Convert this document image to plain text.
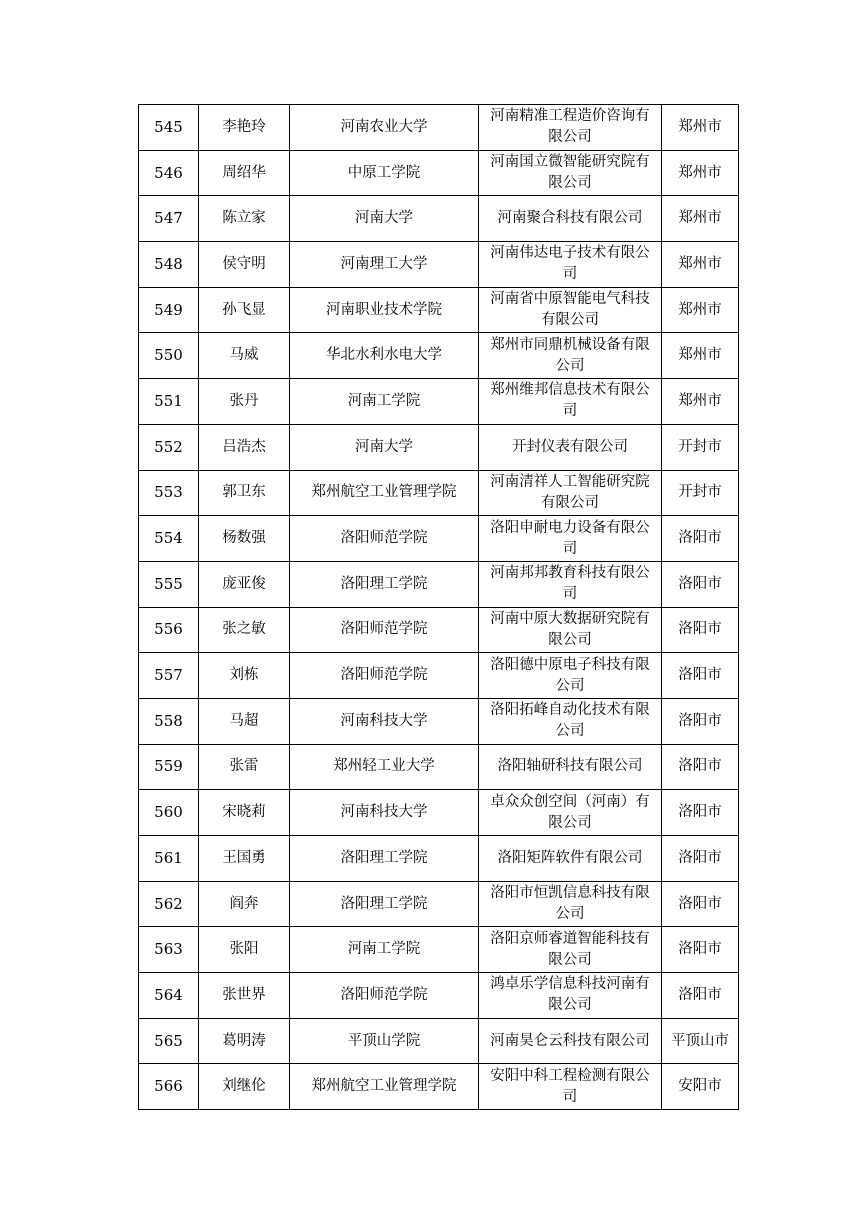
545	李艳玲	河南农业大学	河南精准工程造价咨询有限公司	郑州市
546	周绍华	中原工学院	河南国立微智能研究院有限公司	郑州市
547	陈立家	河南大学	河南聚合科技有限公司	郑州市
548	侯守明	河南理工大学	河南伟达电子技术有限公司	郑州市
549	孙飞显	河南职业技术学院	河南省中原智能电气科技有限公司	郑州市
550	马威	华北水利水电大学	郑州市同鼎机械设备有限公司	郑州市
551	张丹	河南工学院	郑州维邦信息技术有限公司	郑州市
552	吕浩杰	河南大学	开封仪表有限公司	开封市
553	郭卫东	郑州航空工业管理学院	河南清祥人工智能研究院有限公司	开封市
554	杨数强	洛阳师范学院	洛阳申耐电力设备有限公司	洛阳市
555	庞亚俊	洛阳理工学院	河南邦邦教育科技有限公司	洛阳市
556	张之敏	洛阳师范学院	河南中原大数据研究院有限公司	洛阳市
557	刘栋	洛阳师范学院	洛阳德中原电子科技有限公司	洛阳市
558	马超	河南科技大学	洛阳拓峰自动化技术有限公司	洛阳市
559	张雷	郑州轻工业大学	洛阳轴研科技有限公司	洛阳市
560	宋晓莉	河南科技大学	卓众众创空间（河南）有限公司	洛阳市
561	王国勇	洛阳理工学院	洛阳矩阵软件有限公司	洛阳市
562	阎奔	洛阳理工学院	洛阳市恒凯信息科技有限公司	洛阳市
563	张阳	河南工学院	洛阳京师睿道智能科技有限公司	洛阳市
564	张世界	洛阳师范学院	鸿卓乐学信息科技河南有限公司	洛阳市
565	葛明涛	平顶山学院	河南昊仑云科技有限公司	平顶山市
566	刘继伦	郑州航空工业管理学院	安阳中科工程检测有限公司	安阳市
